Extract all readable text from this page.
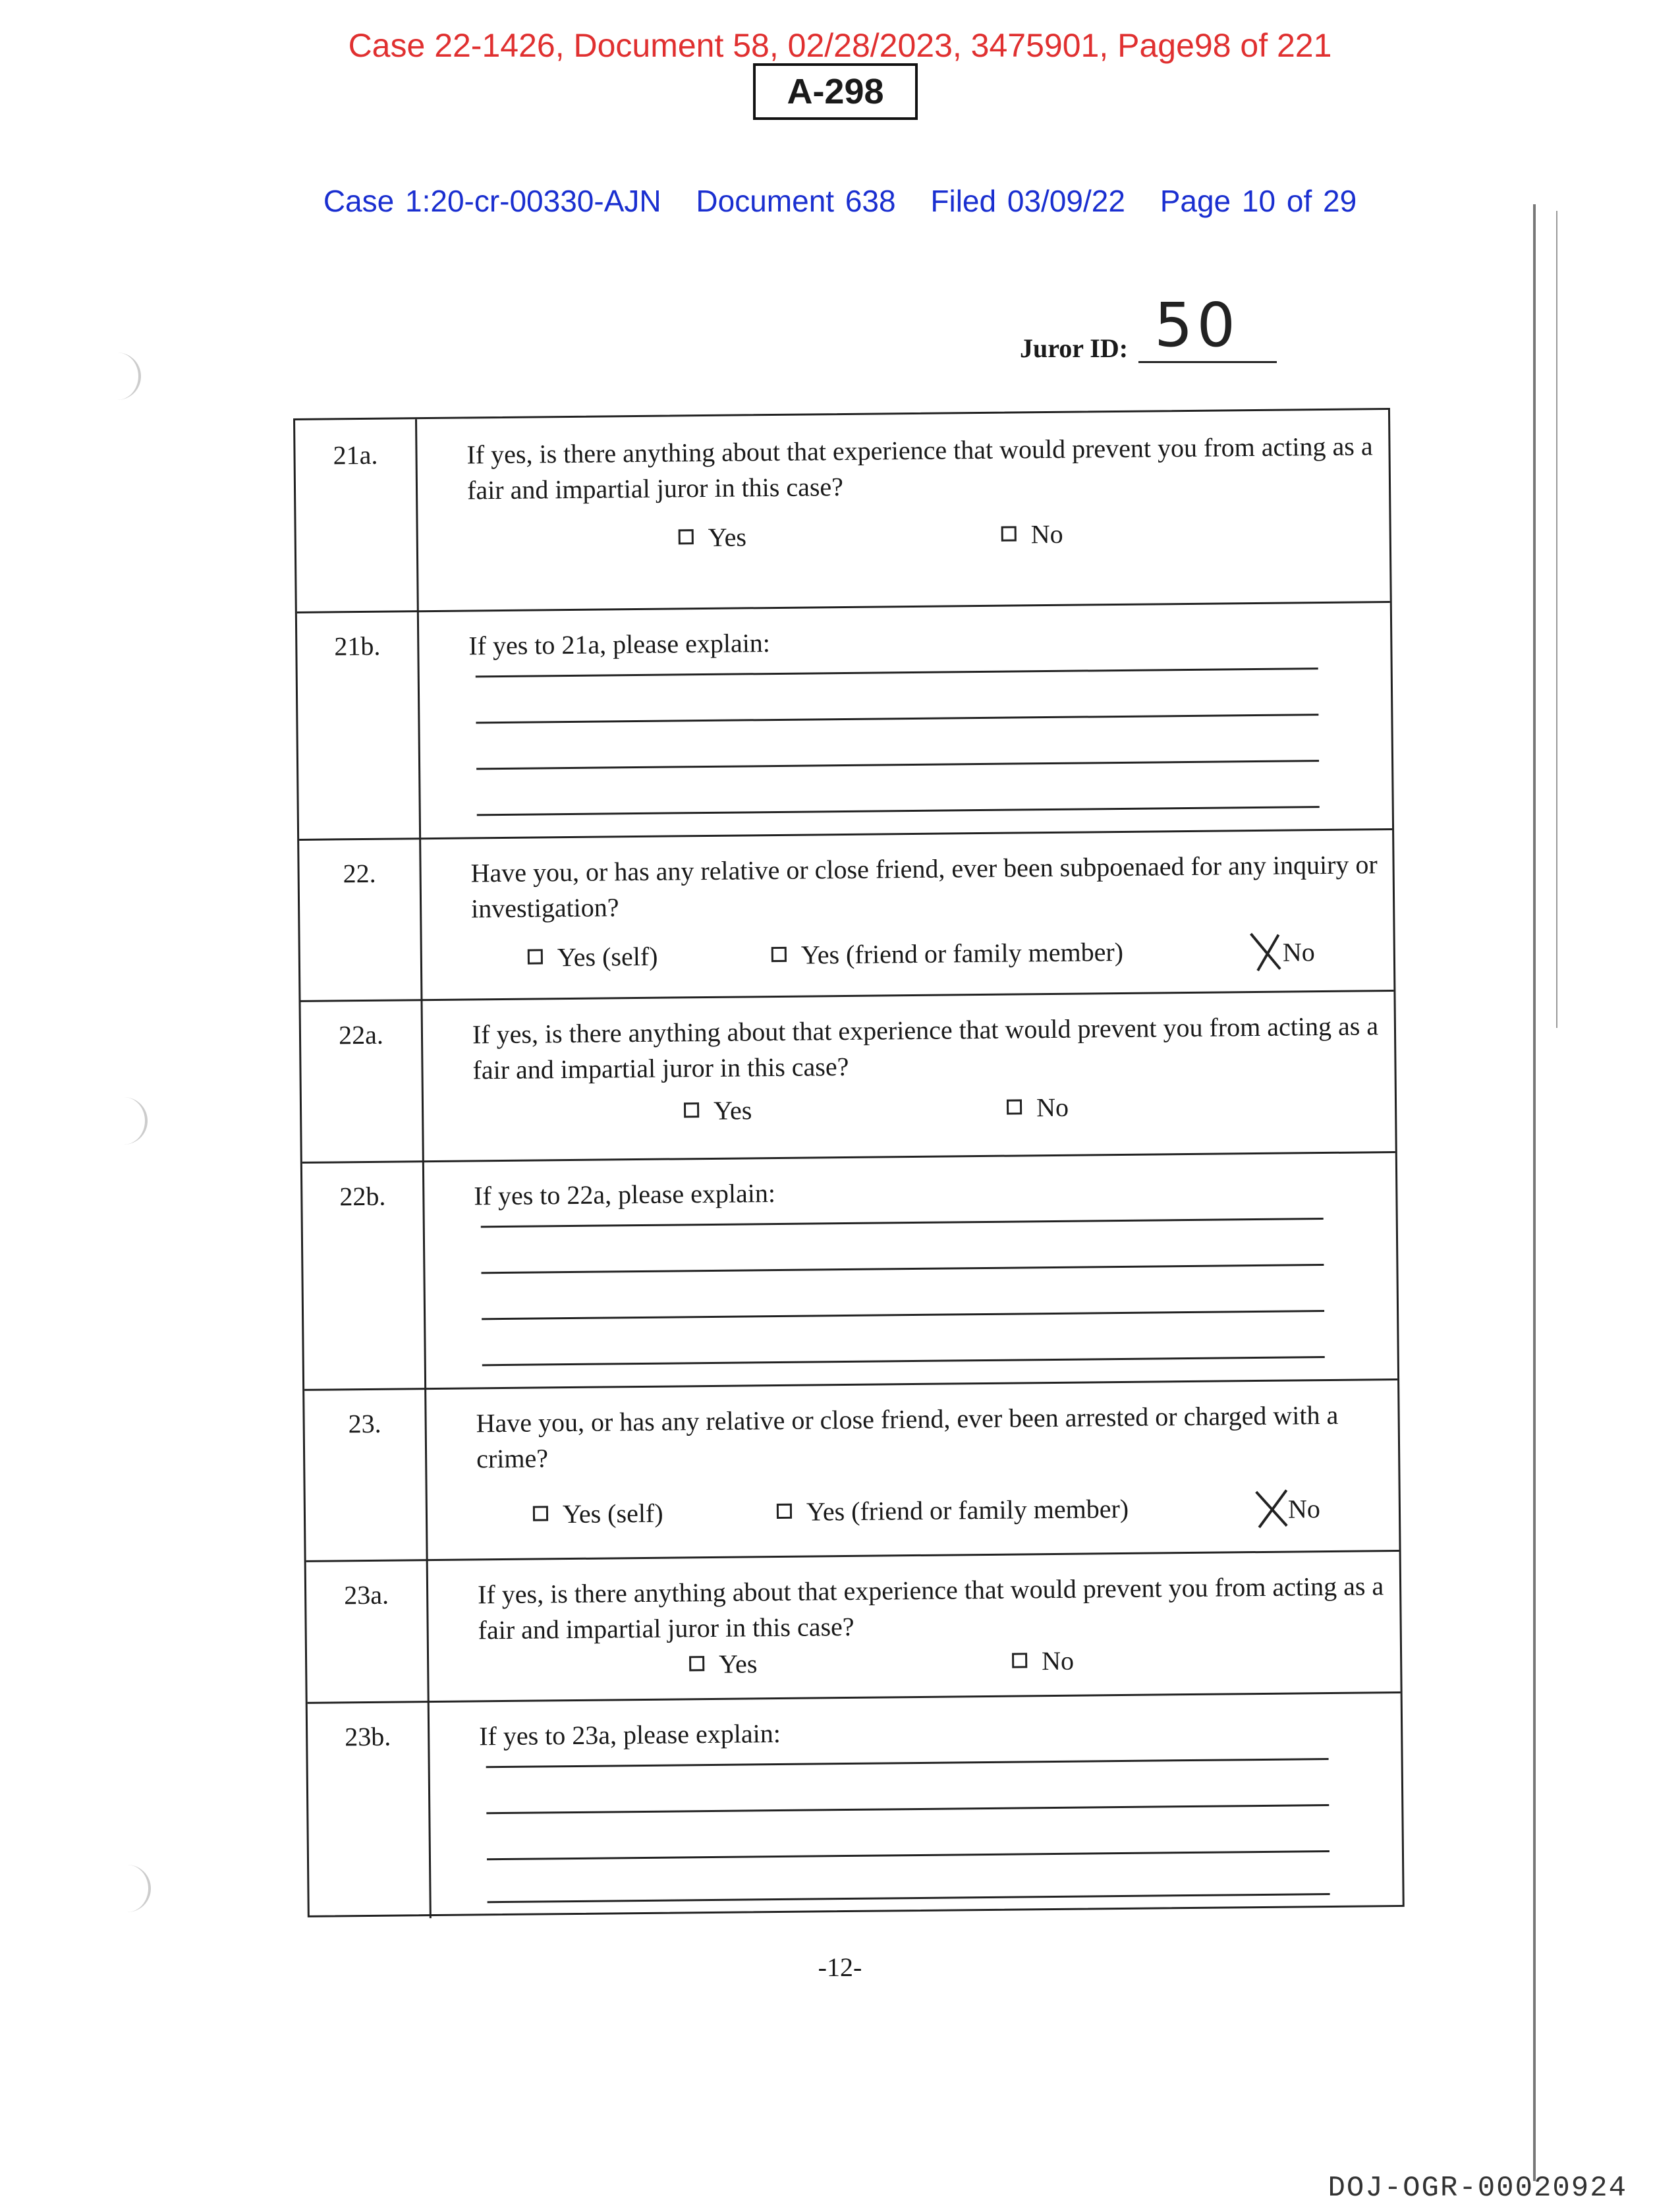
Case 22-1426, Document 58, 02/28/2023, 3475901, Page98 of 221
A-298
Case 1:20-cr-00330-AJN Document 638 Filed 03/09/22 Page 10 of 29
Juror ID: 50
21a.	If yes, is there anything about that experience that would prevent you from acting as a fair and impartial juror in this case?
Yes	No
21b.	If yes to 21a, please explain:
22.	Have you, or has any relative or close friend, ever been subpoenaed for any inquiry or investigation?
Yes (self)	Yes (friend or family member)	No
22a.	If yes, is there anything about that experience that would prevent you from acting as a fair and impartial juror in this case?
Yes	No
22b.	If yes to 22a, please explain:
23.	Have you, or has any relative or close friend, ever been arrested or charged with a crime?
Yes (self)	Yes (friend or family member)	No
23a.	If yes, is there anything about that experience that would prevent you from acting as a fair and impartial juror in this case?
Yes	No
23b.	If yes to 23a, please explain:
-12-
DOJ-OGR-00020924
